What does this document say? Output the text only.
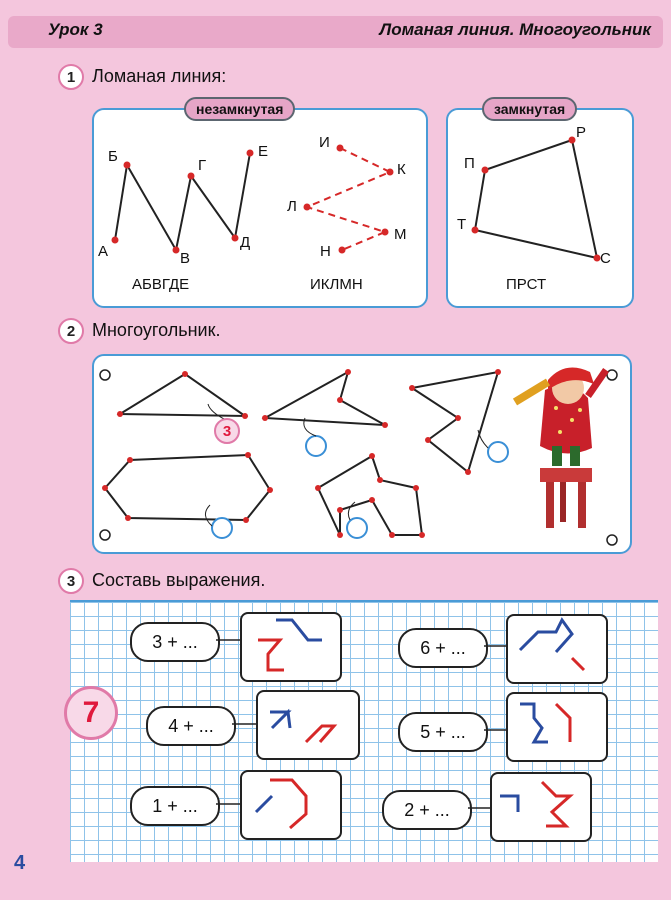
Урок 3	Ломаная линия. Многоугольник
1 Ломаная линия:
незамкнутая	замкнутая
А
Б
В
Г
Д
Е
АБВГДЕ
И
К
Л
М
Н
ИКЛМН
П
Р
С
Т
ПРСТ
2 Многоугольник.
3
3 Составь выражения.
7
3 + ...
4 + ...
1 + ...
6 + ...
5 + ...
2 + ...
4
